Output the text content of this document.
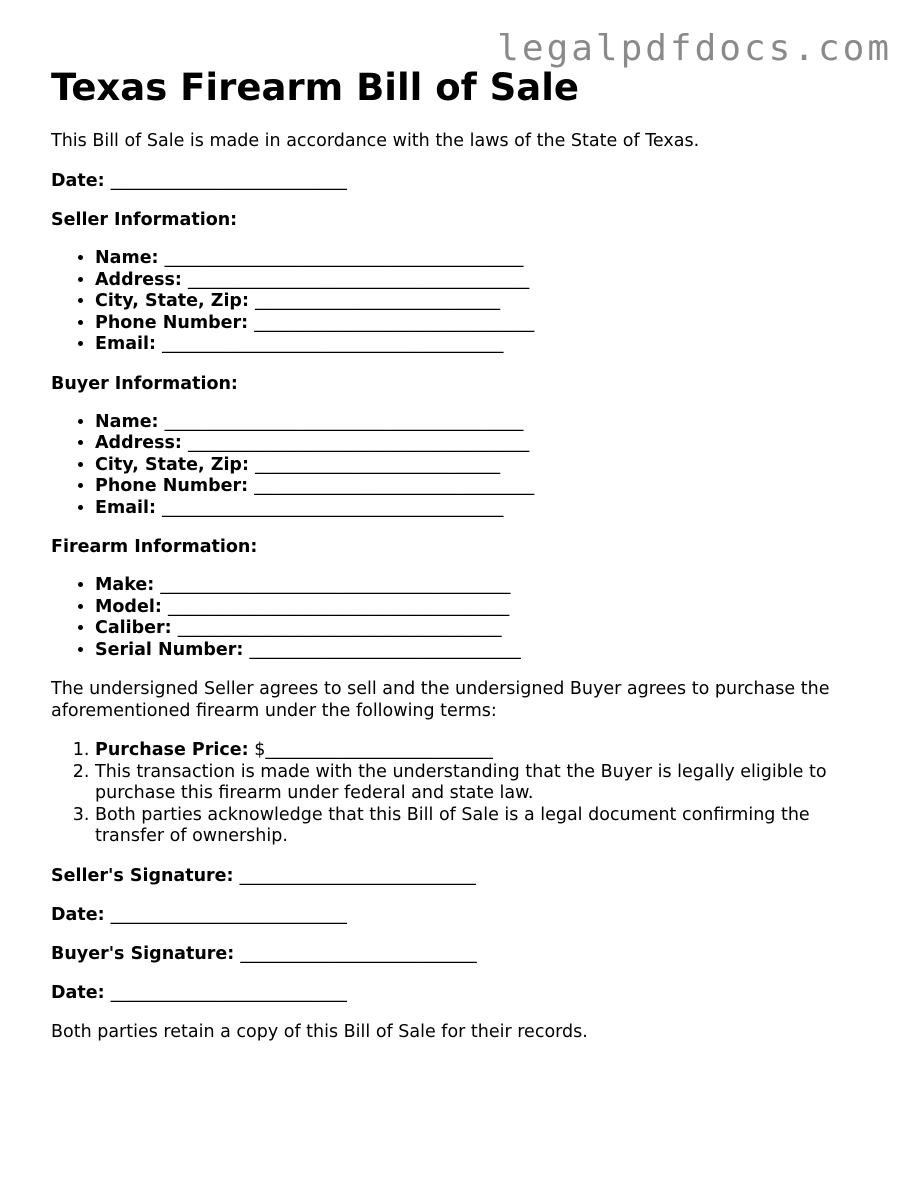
legalpdfdocs.com
Texas Firearm Bill of Sale

This Bill of Sale is made in accordance with the laws of the State of Texas.

Date: ___________________________
Seller Information:
• Name: _________________________________________
• Address: _______________________________________
• City, State, Zip: ____________________________
• Phone Number: ________________________________
• Email: _______________________________________
Buyer Information:
• Name: _________________________________________
• Address: _______________________________________
• City, State, Zip: ____________________________
• Phone Number: ________________________________
• Email: _______________________________________
Firearm Information:
• Make: ________________________________________
• Model: _______________________________________
• Caliber: _____________________________________
• Serial Number: _______________________________

The undersigned Seller agrees to sell and the undersigned Buyer agrees to purchase the aforementioned firearm under the following terms:

1. Purchase Price: $__________________________
2. This transaction is made with the understanding that the Buyer is legally eligible to purchase this firearm under federal and state law.
3. Both parties acknowledge that this Bill of Sale is a legal document confirming the transfer of ownership.
Seller's Signature: ___________________________
Date: ___________________________
Buyer's Signature: ___________________________
Date: ___________________________

Both parties retain a copy of this Bill of Sale for their records.
